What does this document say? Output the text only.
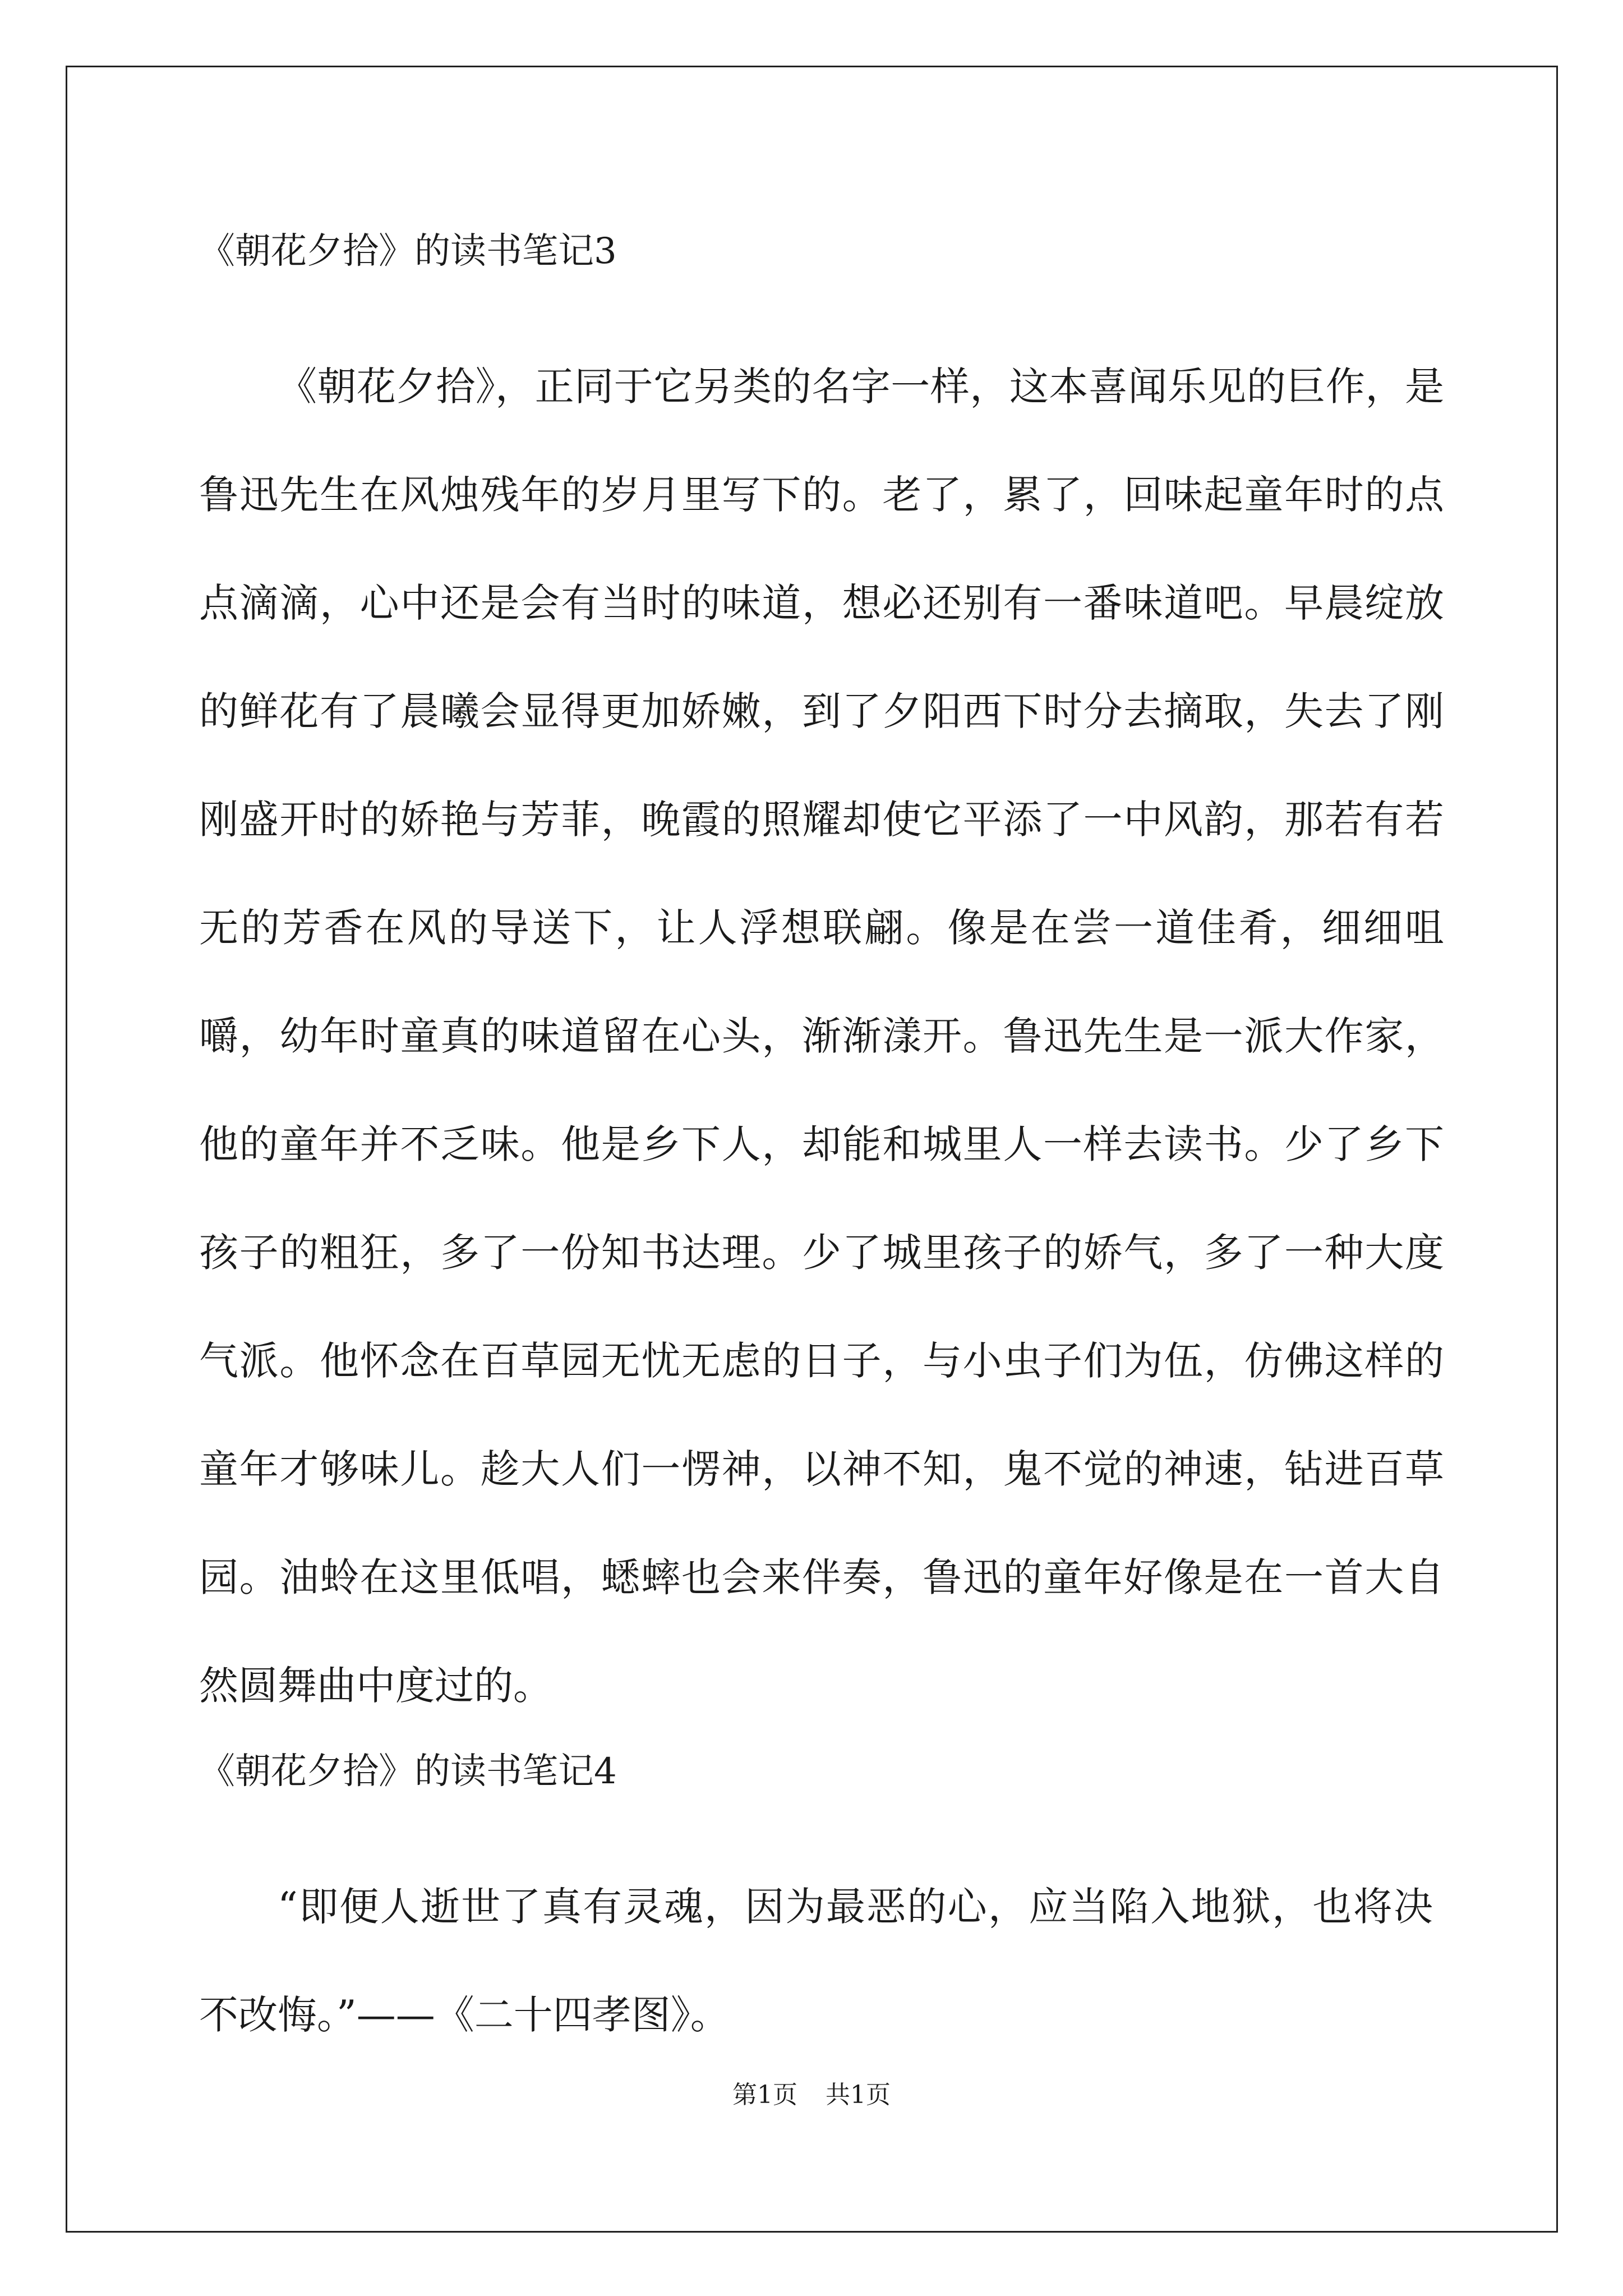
《朝花夕拾》的读书笔记3

《朝花夕拾》，正同于它另类的名字一样，这本喜闻乐见的巨作，是鲁迅先生在风烛残年的岁月里写下的。老了，累了，回味起童年时的点点滴滴，心中还是会有当时的味道，想必还别有一番味道吧。早晨绽放的鲜花有了晨曦会显得更加娇嫩，到了夕阳西下时分去摘取，失去了刚刚盛开时的娇艳与芳菲，晚霞的照耀却使它平添了一中风韵，那若有若无的芳香在风的导送下，让人浮想联翩。像是在尝一道佳肴，细细咀嚼，幼年时童真的味道留在心头，渐渐漾开。鲁迅先生是一派大作家，他的童年并不乏味。他是乡下人，却能和城里人一样去读书。少了乡下孩子的粗狂，多了一份知书达理。少了城里孩子的娇气，多了一种大度气派。他怀念在百草园无忧无虑的日子，与小虫子们为伍，仿佛这样的童年才够味儿。趁大人们一愣神，以神不知，鬼不觉的神速，钻进百草园。油蛉在这里低唱，蟋蟀也会来伴奏，鲁迅的童年好像是在一首大自然圆舞曲中度过的。

《朝花夕拾》的读书笔记4

“即便人逝世了真有灵魂，因为最恶的心，应当陷入地狱，也将决不改悔。”——《二十四孝图》。

第1页 共1页
